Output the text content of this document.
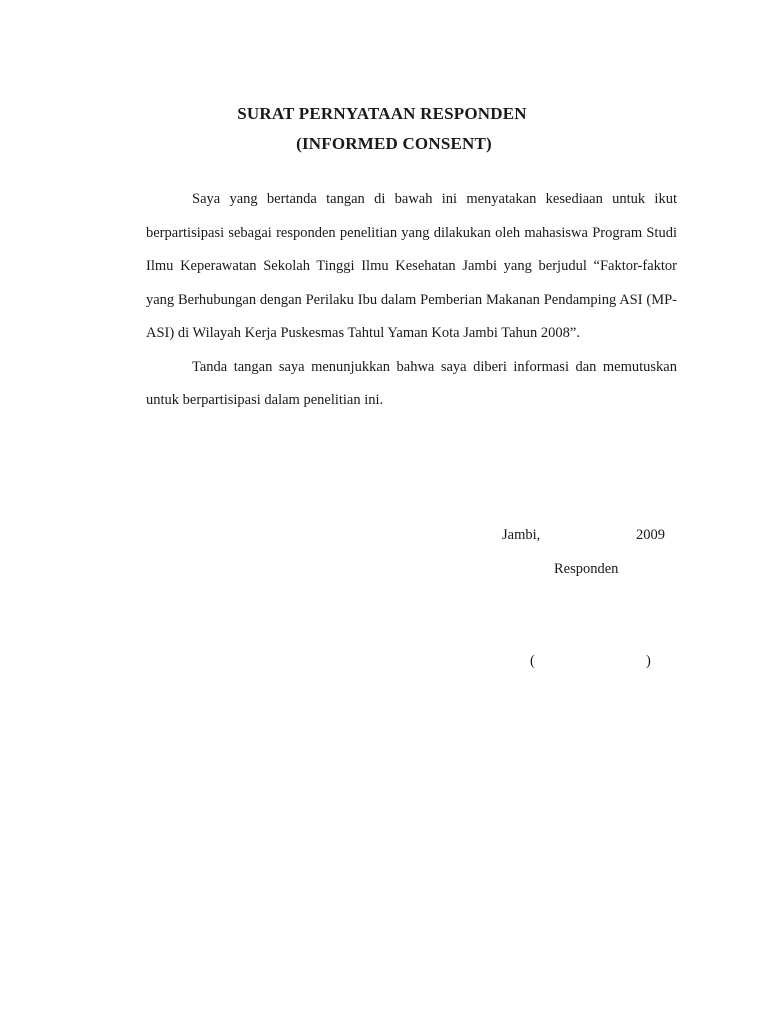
SURAT PERNYATAAN RESPONDEN
(INFORMED CONSENT)

Saya yang bertanda tangan di bawah ini menyatakan kesediaan untuk ikut berpartisipasi sebagai responden penelitian yang dilakukan oleh mahasiswa Program Studi Ilmu Keperawatan Sekolah Tinggi Ilmu Kesehatan Jambi yang berjudul “Faktor-faktor yang Berhubungan dengan Perilaku Ibu dalam Pemberian Makanan Pendamping ASI (MP-ASI) di Wilayah Kerja Puskesmas Tahtul Yaman Kota Jambi Tahun 2008”.

Tanda tangan saya menunjukkan bahwa saya diberi informasi dan memutuskan untuk berpartisipasi dalam penelitian ini.

Jambi,	2009
Responden
(	)
